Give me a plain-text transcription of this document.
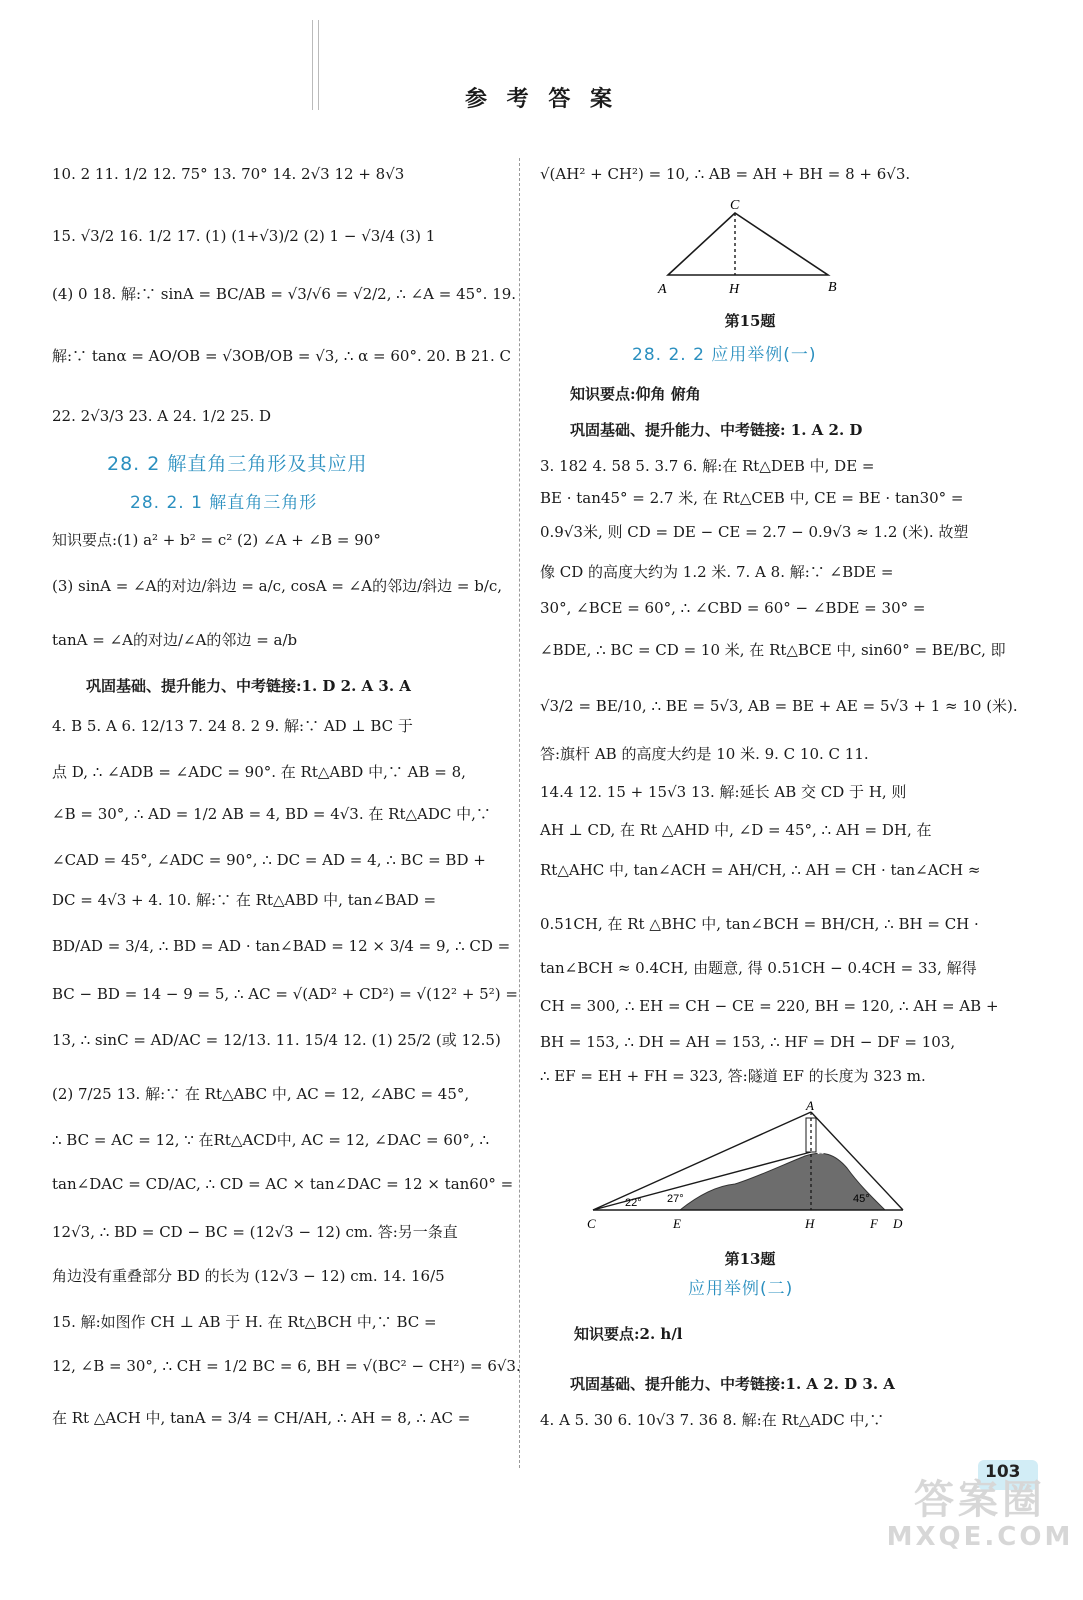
参 考 答 案
10. 2 11. 1/2 12. 75° 13. 70° 14. 2√3 12 + 8√3
15. √3/2 16. 1/2 17. (1) (1+√3)/2 (2) 1 − √3/4 (3) 1
(4) 0 18. 解:∵ sinA = BC/AB = √3/√6 = √2/2, ∴ ∠A = 45°. 19.
解:∵ tanα = AO/OB = √3OB/OB = √3, ∴ α = 60°. 20. B 21. C
22. 2√3/3 23. A 24. 1/2 25. D
28. 2 解直角三角形及其应用
28. 2. 1 解直角三角形
知识要点:(1) a² + b² = c² (2) ∠A + ∠B = 90°
(3) sinA = ∠A的对边/斜边 = a/c, cosA = ∠A的邻边/斜边 = b/c,
tanA = ∠A的对边/∠A的邻边 = a/b
巩固基础、提升能力、中考链接:1. D 2. A 3. A
4. B 5. A 6. 12/13 7. 24 8. 2 9. 解:∵ AD ⊥ BC 于
点 D, ∴ ∠ADB = ∠ADC = 90°. 在 Rt△ABD 中,∵ AB = 8,
∠B = 30°, ∴ AD = 1/2 AB = 4, BD = 4√3. 在 Rt△ADC 中,∵
∠CAD = 45°, ∠ADC = 90°, ∴ DC = AD = 4, ∴ BC = BD +
DC = 4√3 + 4. 10. 解:∵ 在 Rt△ABD 中, tan∠BAD =
BD/AD = 3/4, ∴ BD = AD · tan∠BAD = 12 × 3/4 = 9, ∴ CD =
BC − BD = 14 − 9 = 5, ∴ AC = √(AD² + CD²) = √(12² + 5²) =
13, ∴ sinC = AD/AC = 12/13. 11. 15/4 12. (1) 25/2 (或 12.5)
(2) 7/25 13. 解:∵ 在 Rt△ABC 中, AC = 12, ∠ABC = 45°,
∴ BC = AC = 12, ∵ 在Rt△ACD中, AC = 12, ∠DAC = 60°, ∴
tan∠DAC = CD/AC, ∴ CD = AC × tan∠DAC = 12 × tan60° =
12√3, ∴ BD = CD − BC = (12√3 − 12) cm. 答:另一条直
角边没有重叠部分 BD 的长为 (12√3 − 12) cm. 14. 16/5
15. 解:如图作 CH ⊥ AB 于 H. 在 Rt△BCH 中,∵ BC =
12, ∠B = 30°, ∴ CH = 1/2 BC = 6, BH = √(BC² − CH²) = 6√3.
在 Rt △ACH 中, tanA = 3/4 = CH/AH, ∴ AH = 8, ∴ AC =
√(AH² + CH²) = 10, ∴ AB = AH + BH = 8 + 6√3.
28. 2. 2 应用举例(一)
知识要点:仰角 俯角
巩固基础、提升能力、中考链接: 1. A 2. D
3. 182 4. 58 5. 3.7 6. 解:在 Rt△DEB 中, DE =
BE · tan45° = 2.7 米, 在 Rt△CEB 中, CE = BE · tan30° =
0.9√3米, 则 CD = DE − CE = 2.7 − 0.9√3 ≈ 1.2 (米). 故塑
像 CD 的高度大约为 1.2 米. 7. A 8. 解:∵ ∠BDE =
30°, ∠BCE = 60°, ∴ ∠CBD = 60° − ∠BDE = 30° =
∠BDE, ∴ BC = CD = 10 米, 在 Rt△BCE 中, sin60° = BE/BC, 即
√3/2 = BE/10, ∴ BE = 5√3, AB = BE + AE = 5√3 + 1 ≈ 10 (米).
答:旗杆 AB 的高度大约是 10 米. 9. C 10. C 11.
14.4 12. 15 + 15√3 13. 解:延长 AB 交 CD 于 H, 则
AH ⊥ CD, 在 Rt △AHD 中, ∠D = 45°, ∴ AH = DH, 在
Rt△AHC 中, tan∠ACH = AH/CH, ∴ AH = CH · tan∠ACH ≈
0.51CH, 在 Rt △BHC 中, tan∠BCH = BH/CH, ∴ BH = CH ·
tan∠BCH ≈ 0.4CH, 由题意, 得 0.51CH − 0.4CH = 33, 解得
CH = 300, ∴ EH = CH − CE = 220, BH = 120, ∴ AH = AB +
BH = 153, ∴ DH = AH = 153, ∴ HF = DH − DF = 103,
∴ EF = EH + FH = 323, 答:隧道 EF 的长度为 323 m.
应用举例(二)
知识要点:2. h/l
巩固基础、提升能力、中考链接:1. A 2. D 3. A
4. A 5. 30 6. 10√3 7. 36 8. 解:在 Rt△ADC 中,∵
C
A	H	B
第15题
A
B
C	E	H	F D
22° 27°	45°
第13题
103
答案圈
MXQE.COM
